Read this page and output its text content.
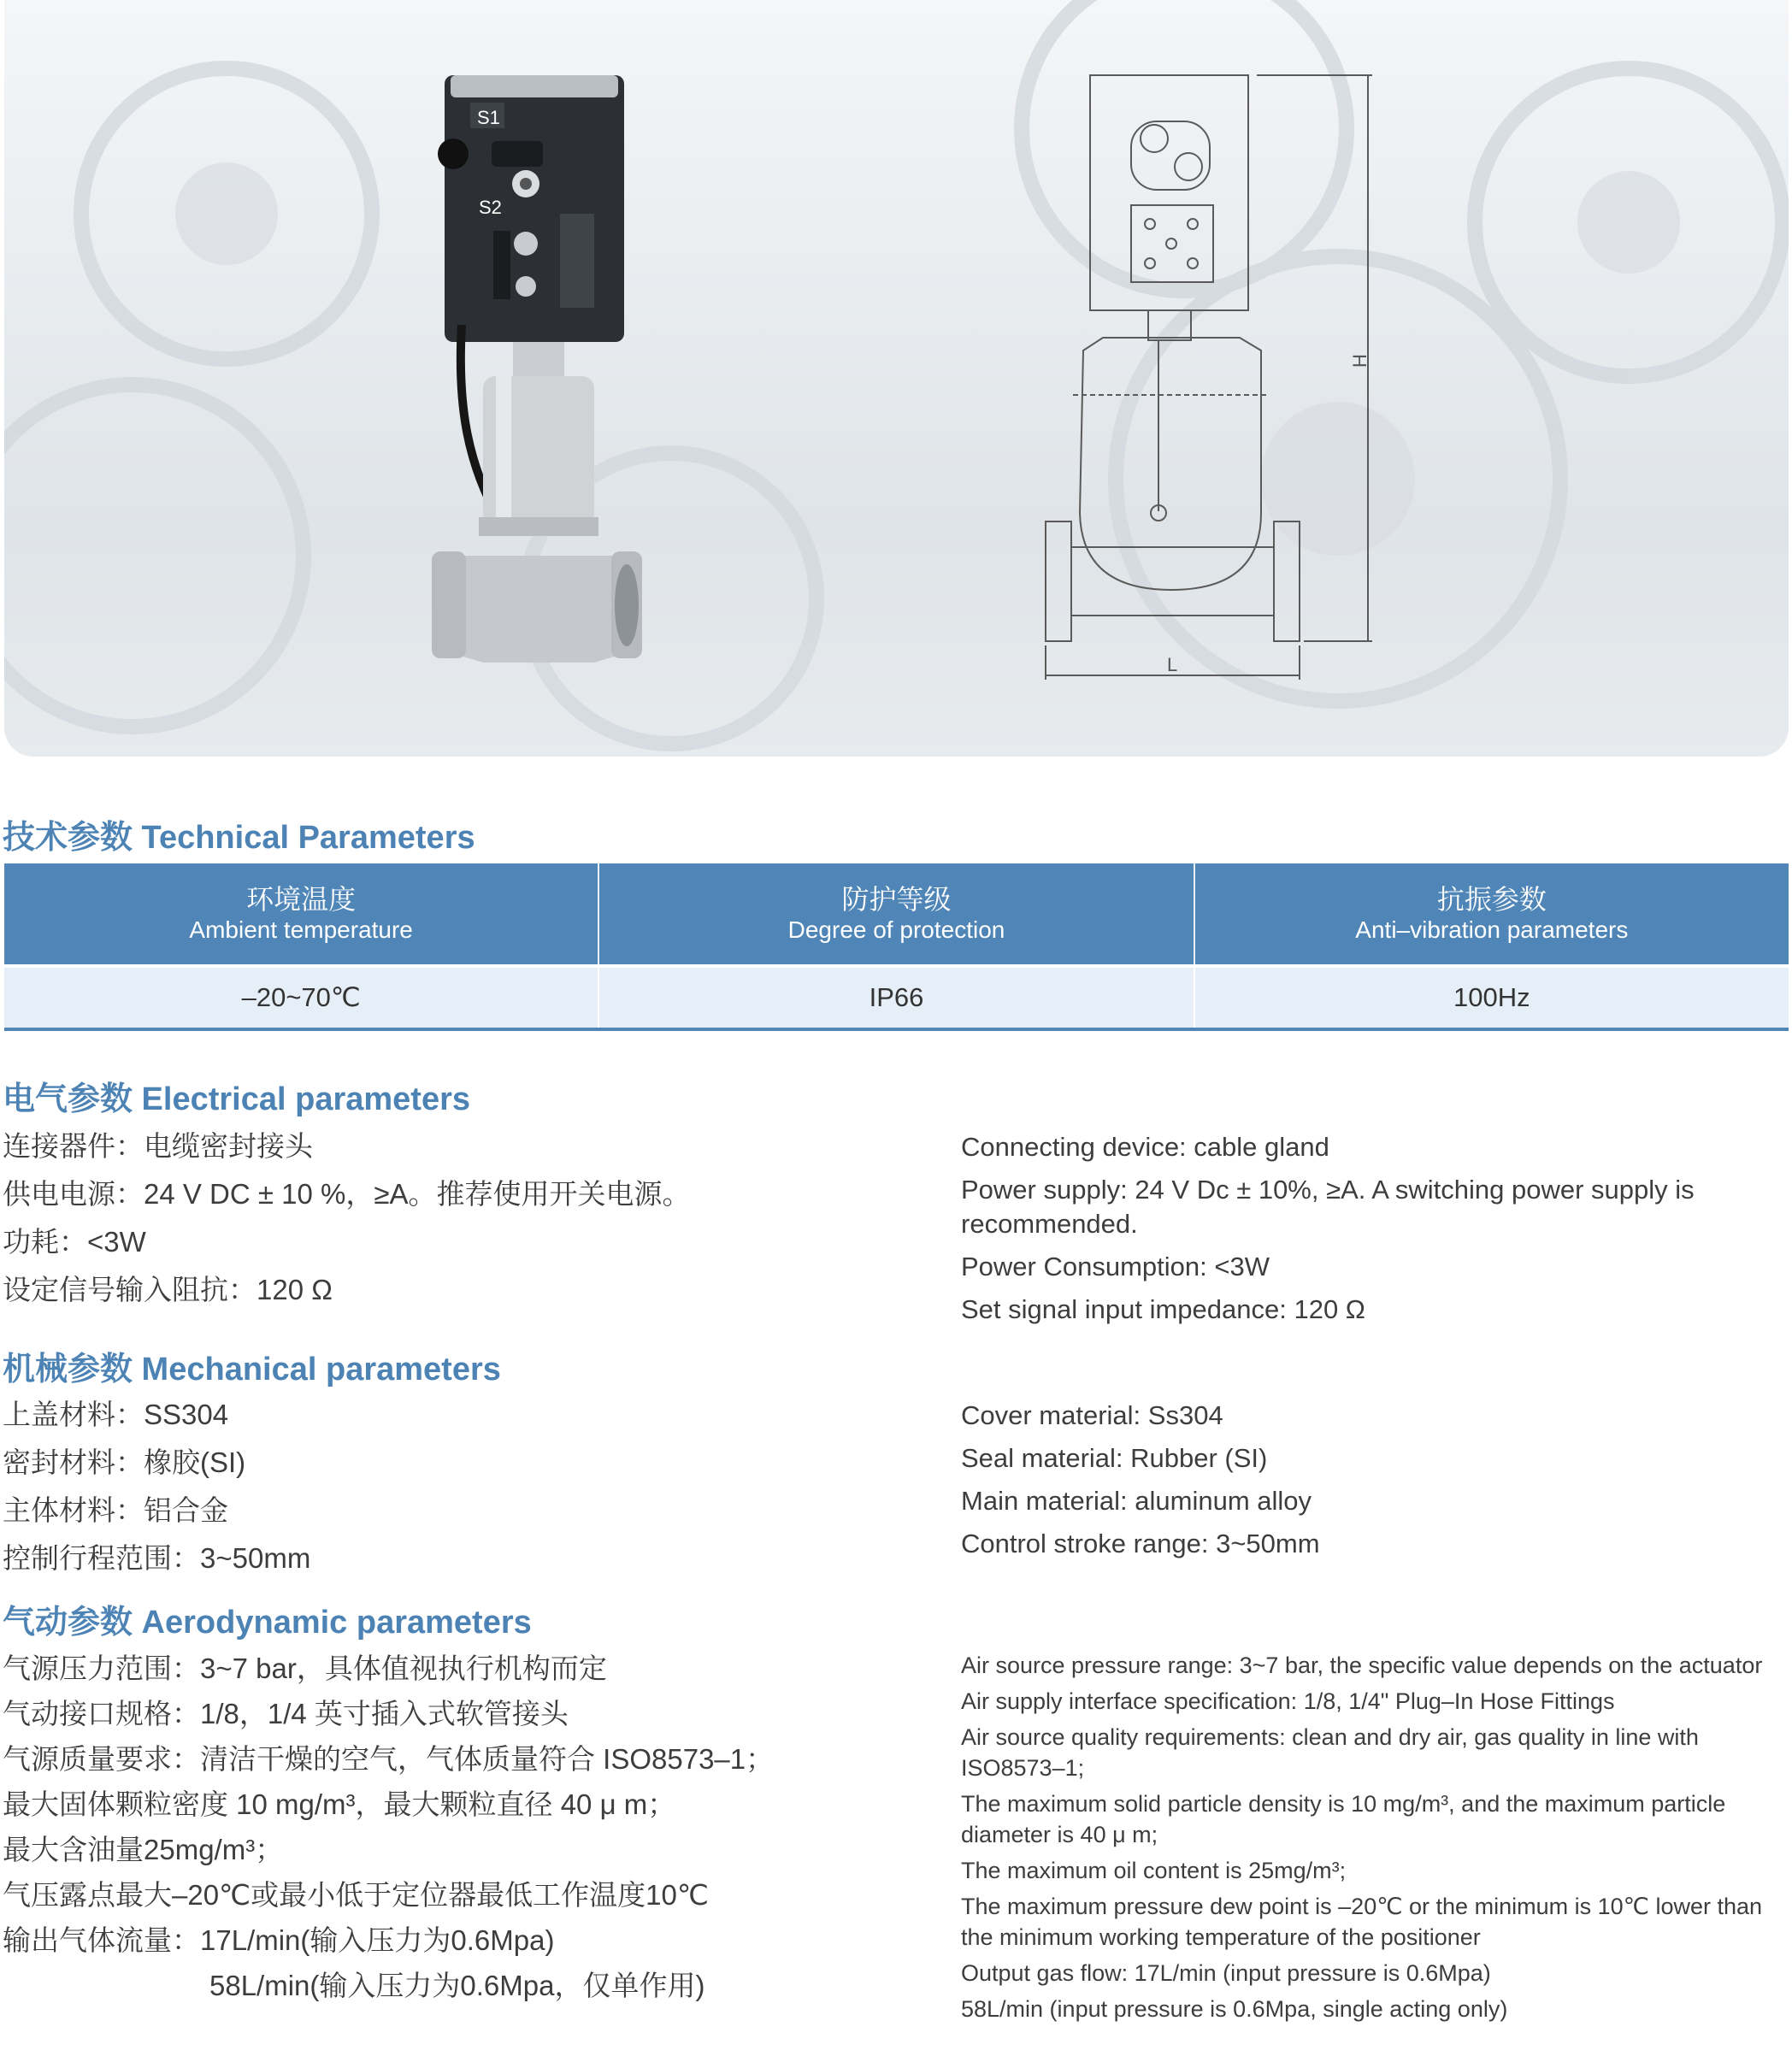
S1
S2
H
L
技术参数 Technical Parameters
环境温度
Ambient temperature
防护等级
Degree of protection
抗振参数
Anti–vibration parameters
–20~70℃	IP66	100Hz
电气参数 Electrical parameters

连接器件：电缆密封接头

供电电源：24 V DC ± 10 %，≥A。推荐使用开关电源。

功耗：<3W

设定信号输入阻抗：120 Ω

Connecting device: cable gland

Power supply: 24 V Dc ± 10%, ≥A. A switching power supply is recommended.

Power Consumption: <3W

Set signal input impedance: 120 Ω

机械参数 Mechanical parameters

上盖材料：SS304

密封材料：橡胶(SI)

主体材料：铝合金

控制行程范围：3~50mm

Cover material: Ss304

Seal material: Rubber (SI)

Main material: aluminum alloy

Control stroke range: 3~50mm

气动参数 Aerodynamic parameters

气源压力范围：3~7 bar，具体值视执行机构而定

气动接口规格：1/8，1/4 英寸插入式软管接头

气源质量要求：清洁干燥的空气，气体质量符合 ISO8573–1；

最大固体颗粒密度 10 mg/m³，最大颗粒直径 40 μ m；

最大含油量25mg/m³；

气压露点最大–20℃或最小低于定位器最低工作温度10℃

输出气体流量：17L/min(输入压力为0.6Mpa)

58L/min(输入压力为0.6Mpa，仅单作用)

Air source pressure range: 3~7 bar, the specific value depends on the actuator

Air supply interface specification: 1/8, 1/4" Plug–In Hose Fittings

Air source quality requirements: clean and dry air, gas quality in line with ISO8573–1;

The maximum solid particle density is 10 mg/m³, and the maximum particle diameter is 40 μ m;

The maximum oil content is 25mg/m³;

The maximum pressure dew point is –20℃ or the minimum is 10℃ lower than the minimum working temperature of the positioner

Output gas flow: 17L/min (input pressure is 0.6Mpa)

58L/min (input pressure is 0.6Mpa, single acting only)
